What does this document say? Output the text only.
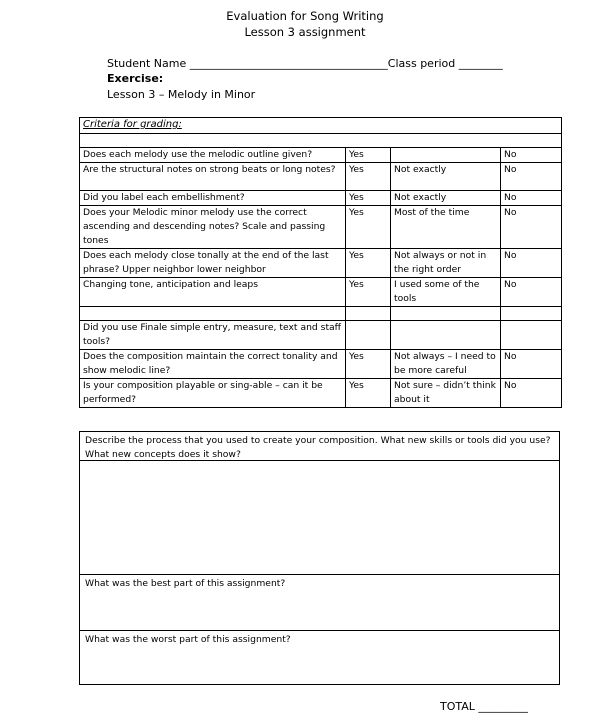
Evaluation for Song Writing
Lesson 3 assignment
Student Name ____________________________________Class period ________
Exercise:
Lesson 3 – Melody in Minor
Criteria for grading:			

Does each melody use the melodic outline given?	Yes		No
Are the structural notes on strong beats or long notes?	Yes	Not exactly	No
Did you label each embellishment?	Yes	Not exactly	No
Does your Melodic minor melody use the correct ascending and descending notes? Scale and passing tones	Yes	Most of the time	No
Does each melody close tonally at the end of the last phrase? Upper neighbor lower neighbor	Yes	Not always or not in the right order	No
Changing tone, anticipation and leaps	Yes	I used some of the tools	No

Did you use Finale simple entry, measure, text and staff tools?			
Does the composition maintain the correct tonality and show melodic line?	Yes	Not always – I need to be more careful	No
Is your composition playable or sing-able – can it be performed?	Yes	Not sure – didn’t think about it	No
Describe the process that you used to create your composition. What new skills or tools did you use? What new concepts does it show?
What was the best part of this assignment?
What was the worst part of this assignment?
TOTAL _________
